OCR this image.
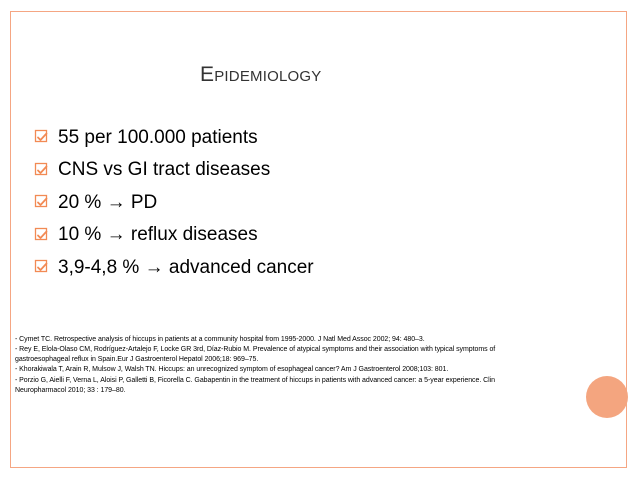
EPIDEMIOLOGY
55 per 100.000 patients
CNS vs GI tract diseases
20 % → PD
10 % → reflux diseases
3,9-4,8 % → advanced cancer
- Cymet TC. Retrospective analysis of hiccups in patients at a community hospital from 1995-2000. J Natl Med Assoc 2002; 94: 480–3.
- Rey E, Elola-Olaso CM, Rodríguez-Artalejo F, Locke GR 3rd, Díaz-Rubio M. Prevalence of atypical symptoms and their association with typical symptoms of
gastroesophageal reflux in Spain.Eur J Gastroenterol Hepatol 2006;18: 969–75.
- Khorakiwala T, Arain R, Mulsow J, Walsh TN. Hiccups: an unrecognized symptom of esophageal cancer? Am J Gastroenterol 2008;103: 801.
- Porzio G, Aielli F, Verna L, Aloisi P, Galletti B, Ficorella C. Gabapentin in the treatment of hiccups in patients with advanced cancer: a 5-year experience. Clin
Neuropharmacol 2010; 33 : 179–80.
